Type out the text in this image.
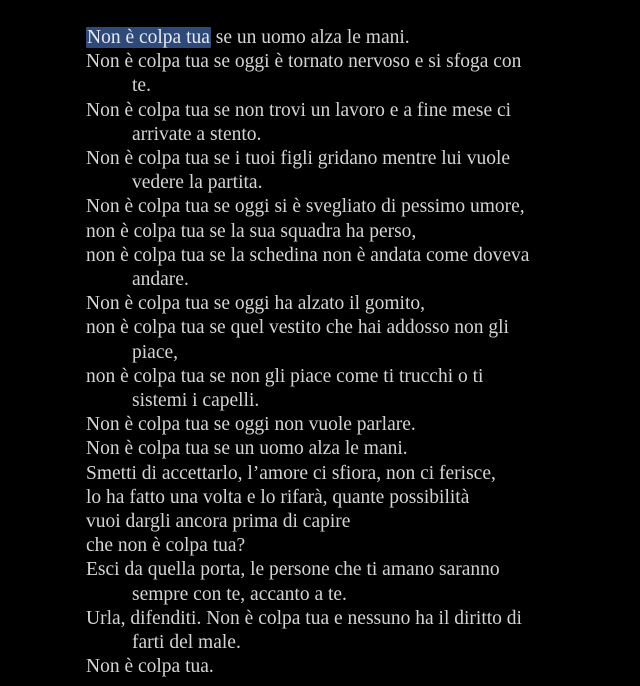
Non è colpa tua se un uomo alza le mani.
Non è colpa tua se oggi è tornato nervoso e si sfoga con
te.
Non è colpa tua se non trovi un lavoro e a fine mese ci
arrivate a stento.
Non è colpa tua se i tuoi figli gridano mentre lui vuole
vedere la partita.
Non è colpa tua se oggi si è svegliato di pessimo umore,
non è colpa tua se la sua squadra ha perso,
non è colpa tua se la schedina non è andata come doveva
andare.
Non è colpa tua se oggi ha alzato il gomito,
non è colpa tua se quel vestito che hai addosso non gli
piace,
non è colpa tua se non gli piace come ti trucchi o ti
sistemi i capelli.
Non è colpa tua se oggi non vuole parlare.
Non è colpa tua se un uomo alza le mani.
Smetti di accettarlo, l’amore ci sfiora, non ci ferisce,
lo ha fatto una volta e lo rifarà, quante possibilità
vuoi dargli ancora prima di capire
che non è colpa tua?
Esci da quella porta, le persone che ti amano saranno
sempre con te, accanto a te.
Urla, difenditi. Non è colpa tua e nessuno ha il diritto di
farti del male.
Non è colpa tua.
